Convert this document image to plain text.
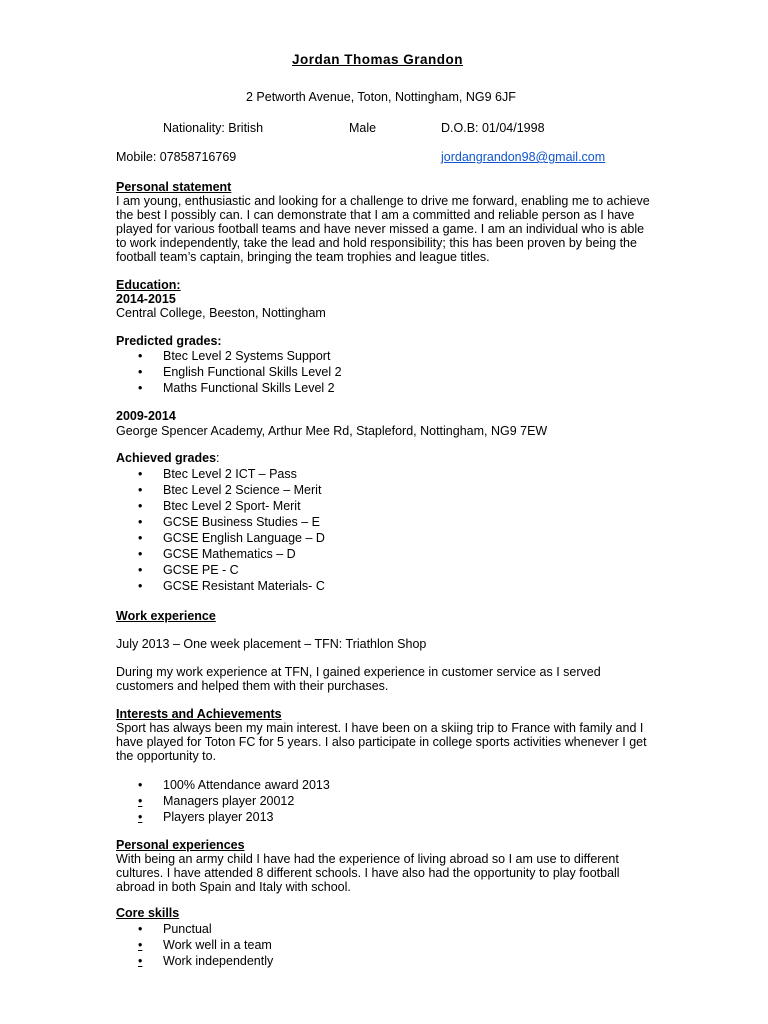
Jordan Thomas Grandon
2 Petworth Avenue, Toton, Nottingham, NG9 6JF
Nationality: British	Male	D.O.B: 01/04/1998
Mobile: 07858716769	jordangrandon98@gmail.com
Personal statement
I am young, enthusiastic and looking for a challenge to drive me forward, enabling me to achieve the best I possibly can. I can demonstrate that I am a committed and reliable person as I have played for various football teams and have never missed a game. I am an individual who is able to work independently, take the lead and hold responsibility; this has been proven by being the football team’s captain, bringing the team trophies and league titles.
Education:
2014-2015
Central College, Beeston, Nottingham
Predicted grades:
• Btec Level 2 Systems Support
• English Functional Skills Level 2
• Maths Functional Skills Level 2
2009-2014
George Spencer Academy, Arthur Mee Rd, Stapleford, Nottingham, NG9 7EW
Achieved grades:
• Btec Level 2 ICT – Pass
• Btec Level 2 Science – Merit
• Btec Level 2 Sport- Merit
• GCSE Business Studies – E
• GCSE English Language – D
• GCSE Mathematics – D
• GCSE PE - C
• GCSE Resistant Materials- C
Work experience
July 2013 – One week placement – TFN: Triathlon Shop
During my work experience at TFN, I gained experience in customer service as I served customers and helped them with their purchases.
Interests and Achievements
Sport has always been my main interest. I have been on a skiing trip to France with family and I have played for Toton FC for 5 years. I also participate in college sports activities whenever I get the opportunity to.
• 100% Attendance award 2013
• Managers player 20012
• Players player 2013
Personal experiences
With being an army child I have had the experience of living abroad so I am use to different cultures. I have attended 8 different schools. I have also had the opportunity to play football abroad in both Spain and Italy with school.
Core skills
• Punctual
• Work well in a team
• Work independently
